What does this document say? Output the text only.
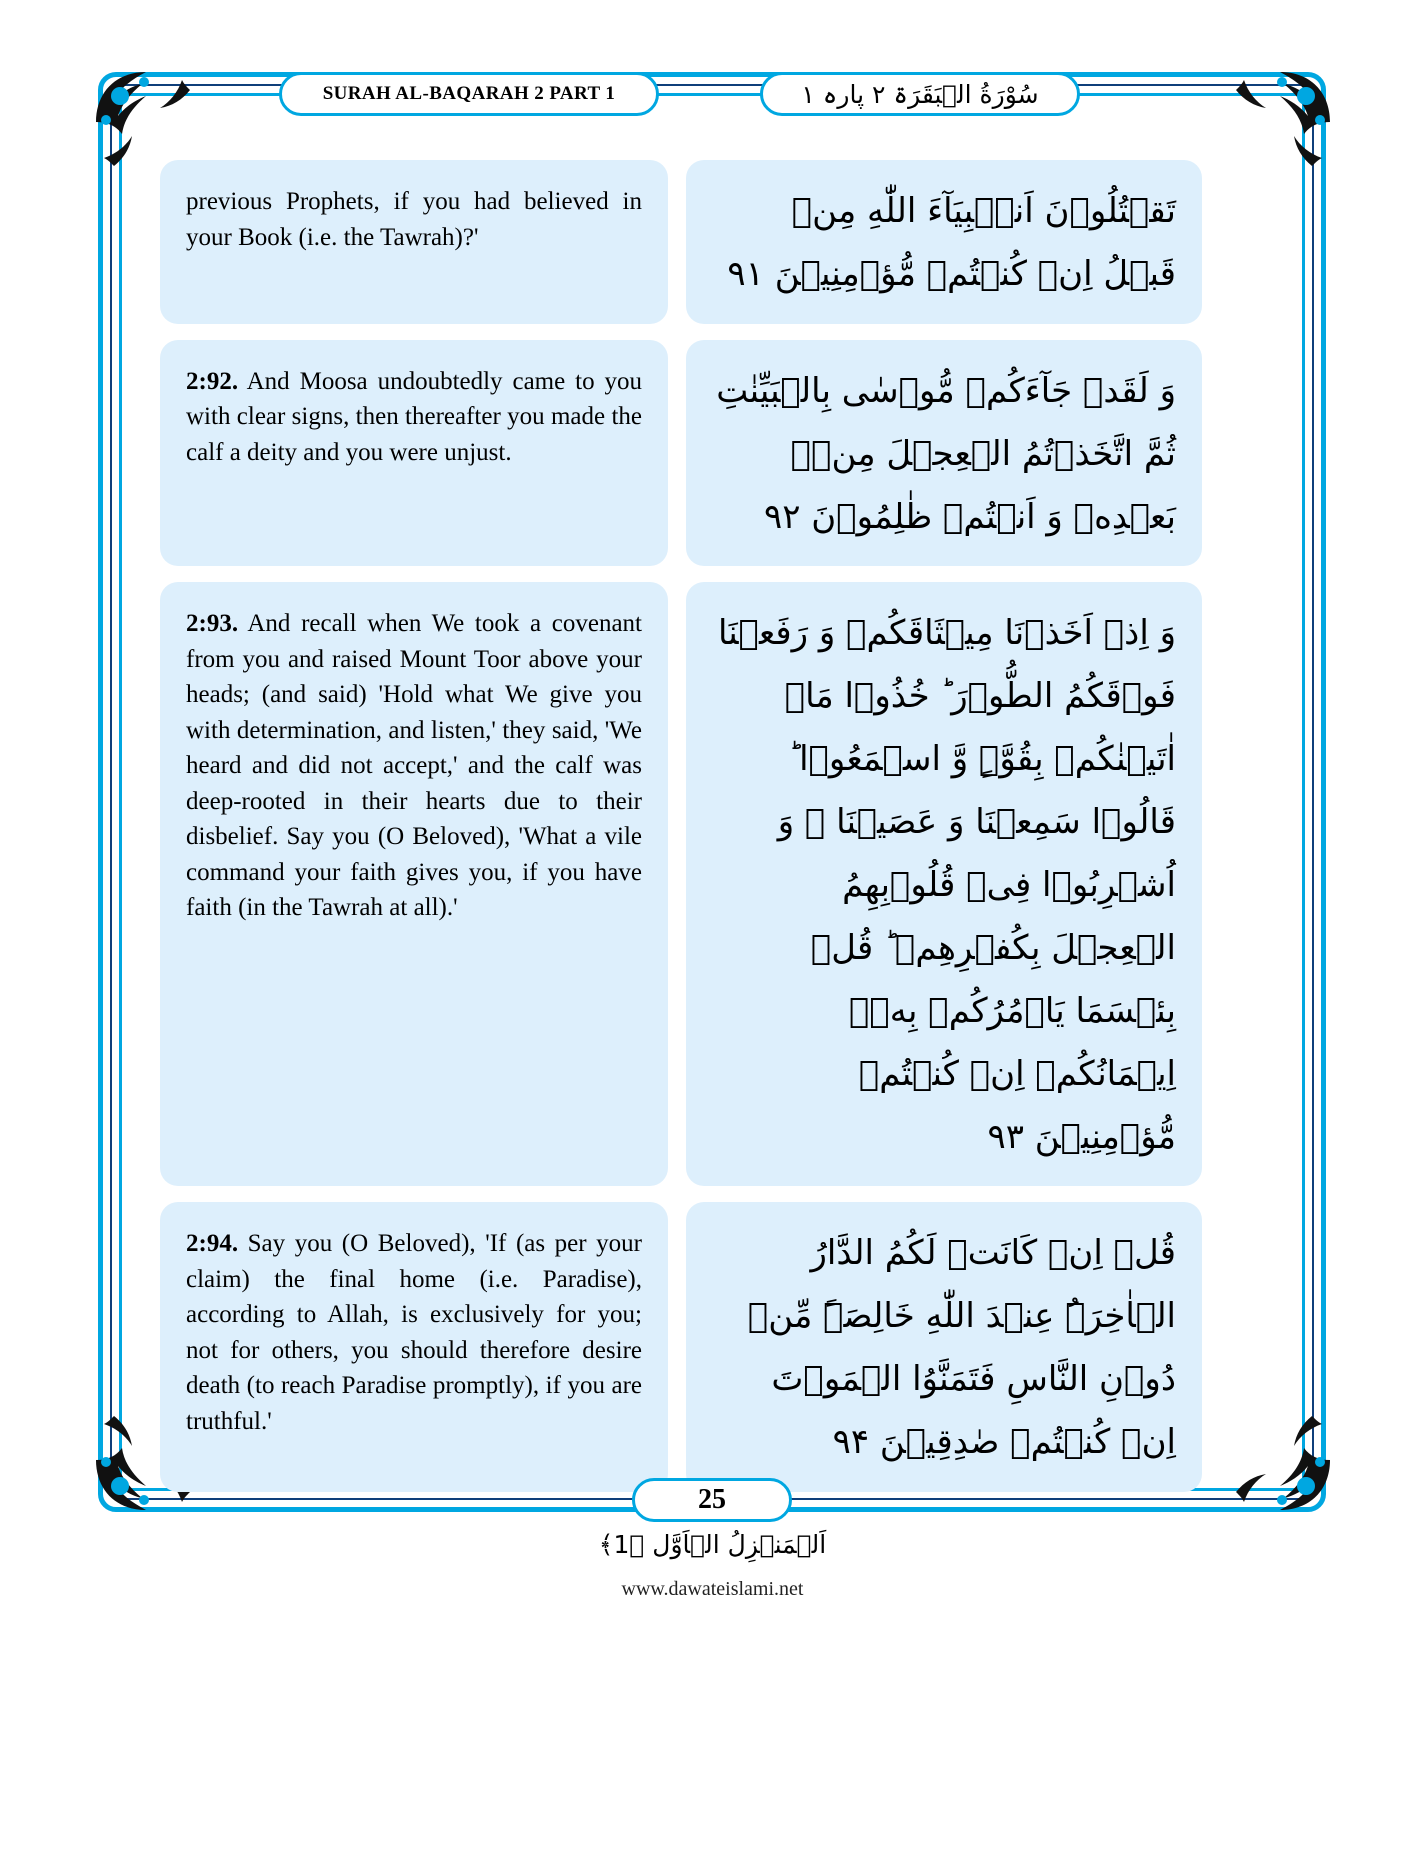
SURAH AL-BAQARAH 2 PART 1	سُوْرَةُ الۡبَقَرَۃ ۲ پارہ ۱
previous Prophets, if you had believed in your Book (i.e. the Tawrah)?'
تَقۡتُلُوۡنَ اَنۡۢبِیَآءَ اللّٰهِ مِنۡ قَبۡلُ اِنۡ کُنۡتُمۡ مُّؤۡمِنِیۡنَ ۹۱
2:92. And Moosa undoubtedly came to you with clear signs, then thereafter you made the calf a deity and you were unjust.
وَ لَقَدۡ جَآءَکُمۡ مُّوۡسٰی بِالۡبَیِّنٰتِ ثُمَّ اتَّخَذۡتُمُ الۡعِجۡلَ مِنۡۢ بَعۡدِهٖ وَ اَنۡتُمۡ ظٰلِمُوۡنَ ۹۲
2:93. And recall when We took a covenant from you and raised Mount Toor above your heads; (and said) 'Hold what We give you with determination, and listen,' they said, 'We heard and did not accept,' and the calf was deep-rooted in their hearts due to their disbelief. Say you (O Beloved), 'What a vile command your faith gives you, if you have faith (in the Tawrah at all).'
وَ اِذۡ اَخَذۡنَا مِیۡثَاقَکُمۡ وَ رَفَعۡنَا فَوۡقَکُمُ الطُّوۡرَ ؕ خُذُوۡا مَاۤ اٰتَیۡنٰکُمۡ بِقُوَّۃٍ وَّ اسۡمَعُوۡا ؕ قَالُوۡا سَمِعۡنَا وَ عَصَیۡنَا ۚ وَ اُشۡرِبُوۡا فِیۡ قُلُوۡبِهِمُ الۡعِجۡلَ بِکُفۡرِهِمۡ ؕ قُلۡ بِئۡسَمَا یَاۡمُرُکُمۡ بِهٖۤ اِیۡمَانُکُمۡ اِنۡ کُنۡتُمۡ مُّؤۡمِنِیۡنَ ۹۳
2:94. Say you (O Beloved), 'If (as per your claim) the final home (i.e. Paradise), according to Allah, is exclusively for you; not for others, you should therefore desire death (to reach Paradise promptly), if you are truthful.'
قُلۡ اِنۡ کَانَتۡ لَکُمُ الدَّارُ الۡاٰخِرَۃُ عِنۡدَ اللّٰهِ خَالِصَۃً مِّنۡ دُوۡنِ النَّاسِ فَتَمَنَّوُا الۡمَوۡتَ اِنۡ کُنۡتُمۡ صٰدِقِیۡنَ ۹۴
25
اَلۡمَنۡزِلُ الۡاَوَّل ﴿1﴾
www.dawateislami.net
